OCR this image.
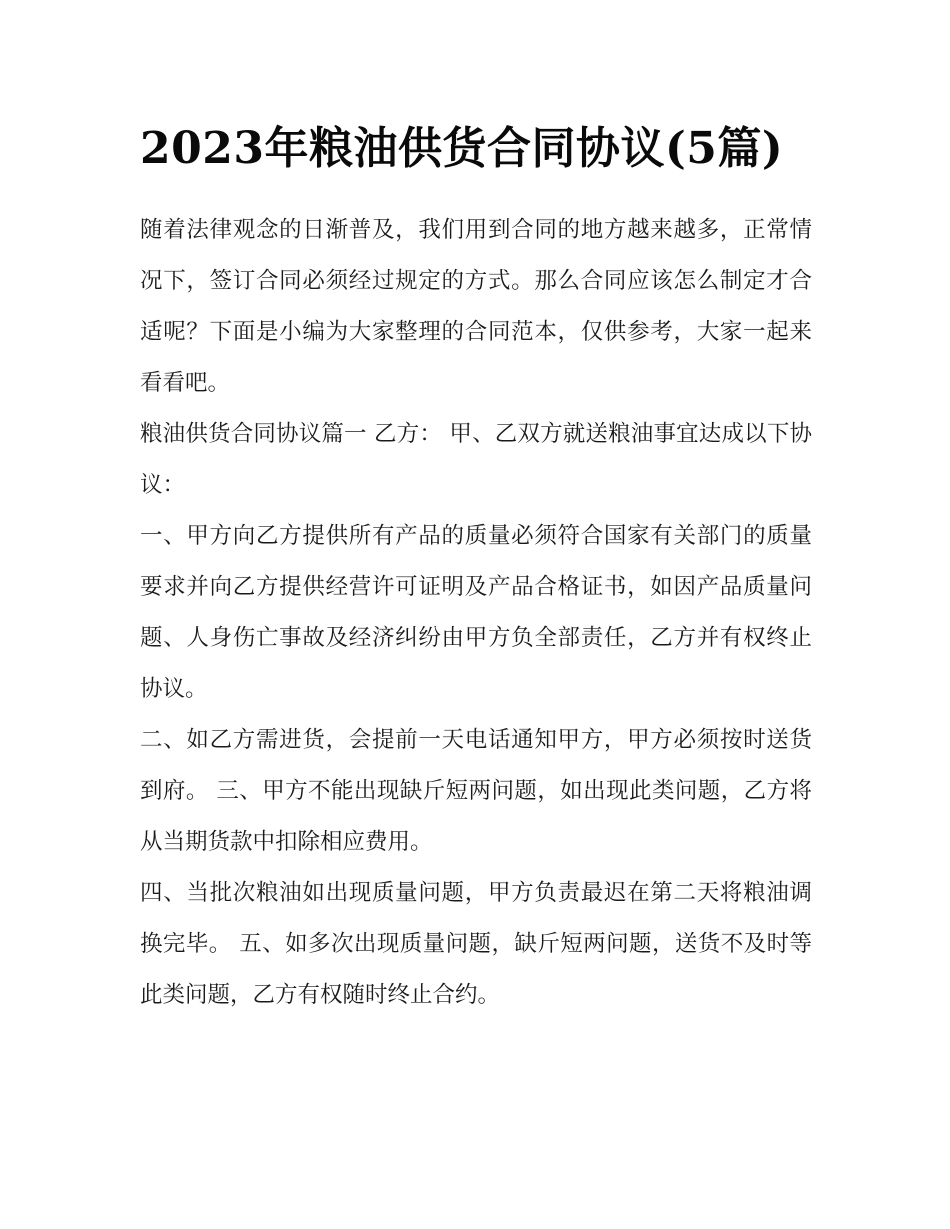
2023年粮油供货合同协议(5篇)

随着法律观念的日渐普及，我们用到合同的地方越来越多，正常情况下，签订合同必须经过规定的方式。那么合同应该怎么制定才合适呢？下面是小编为大家整理的合同范本，仅供参考，大家一起来看看吧。

粮油供货合同协议篇一 乙方： 甲、乙双方就送粮油事宜达成以下协议：

一、甲方向乙方提供所有产品的质量必须符合国家有关部门的质量要求并向乙方提供经营许可证明及产品合格证书，如因产品质量问题、人身伤亡事故及经济纠纷由甲方负全部责任，乙方并有权终止协议。

二、如乙方需进货，会提前一天电话通知甲方，甲方必须按时送货到府。 三、甲方不能出现缺斤短两问题，如出现此类问题，乙方将从当期货款中扣除相应费用。

四、当批次粮油如出现质量问题，甲方负责最迟在第二天将粮油调换完毕。 五、如多次出现质量问题，缺斤短两问题，送货不及时等此类问题，乙方有权随时终止合约。
